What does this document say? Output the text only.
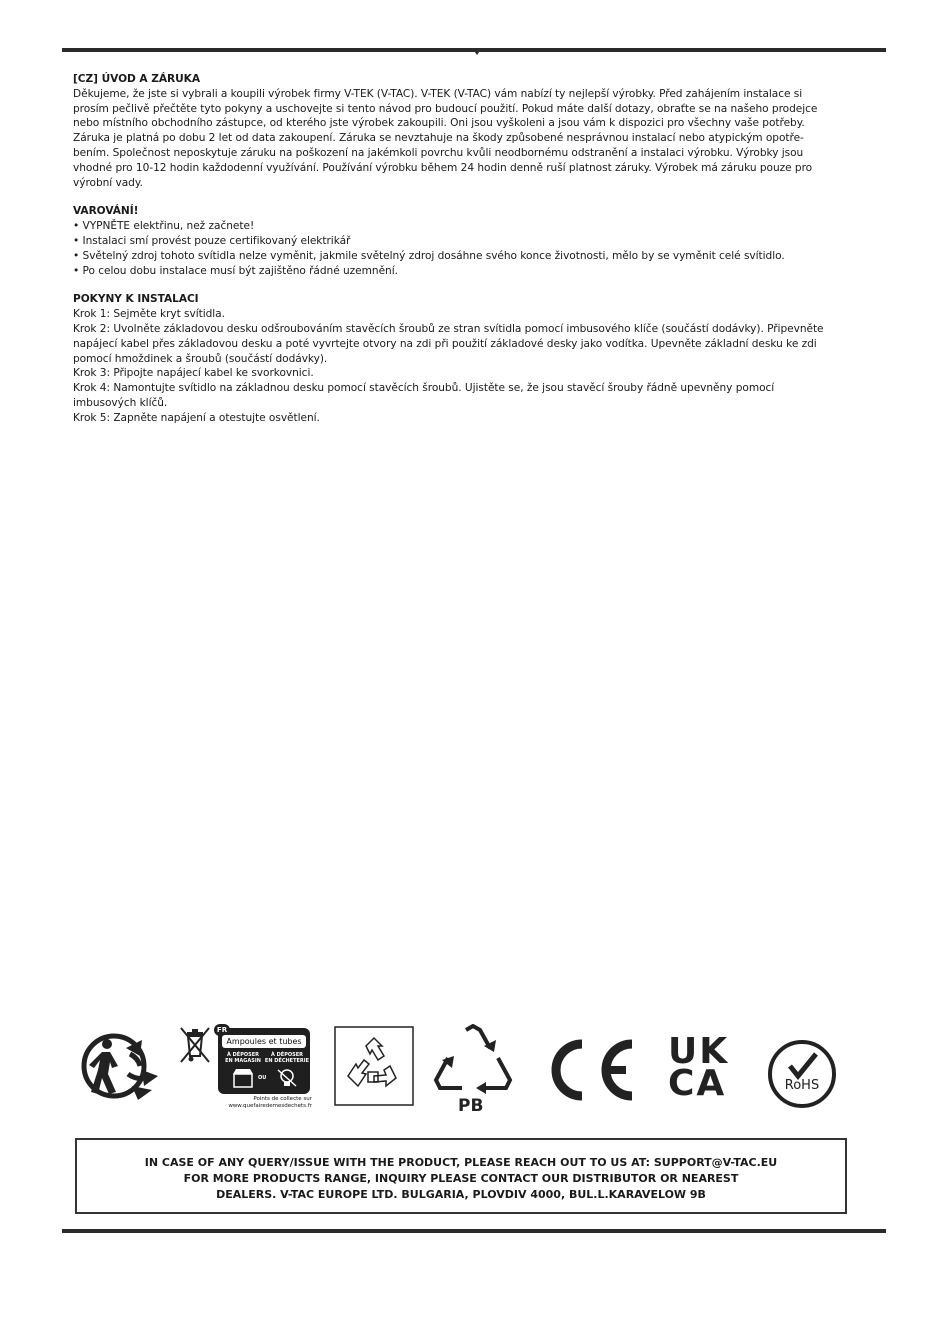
[CZ] ÚVOD A ZÁRUKA

Děkujeme, že jste si vybrali a koupili výrobek firmy V-TEK (V-TAC). V-TEK (V-TAC) vám nabízí ty nejlepší výrobky. Před zahájením instalace si
prosím pečlivě přečtěte tyto pokyny a uschovejte si tento návod pro budoucí použití. Pokud máte další dotazy, obraťte se na našeho prodejce
nebo místního obchodního zástupce, od kterého jste výrobek zakoupili. Oni jsou vyškoleni a jsou vám k dispozici pro všechny vaše potřeby.
Záruka je platná po dobu 2 let od data zakoupení. Záruka se nevztahuje na škody způsobené nesprávnou instalací nebo atypickým opotře-
bením. Společnost neposkytuje záruku na poškození na jakémkoli povrchu kvůli neodbornému odstranění a instalaci výrobku. Výrobky jsou
vhodné pro 10-12 hodin každodenní využívání. Používání výrobku během 24 hodin denně ruší platnost záruky. Výrobek má záruku pouze pro
výrobní vady.

VAROVÁNÍ!
• VYPNĚTE elektřinu, než začnete!
• Instalaci smí provést pouze certifikovaný elektrikář
• Světelný zdroj tohoto svítidla nelze vyměnit, jakmile světelný zdroj dosáhne svého konce životnosti, mělo by se vyměnit celé svítidlo.
• Po celou dobu instalace musí být zajištěno řádné uzemnění.
POKYNY K INSTALACI
Krok 1: Sejměte kryt svítidla.
Krok 2: Uvolněte základovou desku odšroubováním stavěcích šroubů ze stran svítidla pomocí imbusového klíče (součástí dodávky). Připevněte
napájecí kabel přes základovou desku a poté vyvrtejte otvory na zdi při použití základové desky jako vodítka. Upevněte základní desku ke zdi
pomocí hmoždinek a šroubů (součástí dodávky).
Krok 3: Připojte napájecí kabel ke svorkovnici.
Krok 4: Namontujte svítidlo na základnou desku pomocí stavěcích šroubů. Ujistěte se, že jsou stavěcí šrouby řádně upevněny pomocí
imbusových klíčů.
Krok 5: Zapněte napájení a otestujte osvětlení.
FR
Ampoules et tubes
À DÉPOSER
EN MAGASIN
À DÉPOSER
EN DÉCHETERIE
OU
Points de collecte sur
www.quefairedemesdechets.fr	PB
UK
CA	RoHS
IN CASE OF ANY QUERY/ISSUE WITH THE PRODUCT, PLEASE REACH OUT TO US AT: SUPPORT@V-TAC.EU
FOR MORE PRODUCTS RANGE, INQUIRY PLEASE CONTACT OUR DISTRIBUTOR OR NEAREST
DEALERS. V-TAC EUROPE LTD. BULGARIA, PLOVDIV 4000, BUL.L.KARAVELOW 9B
